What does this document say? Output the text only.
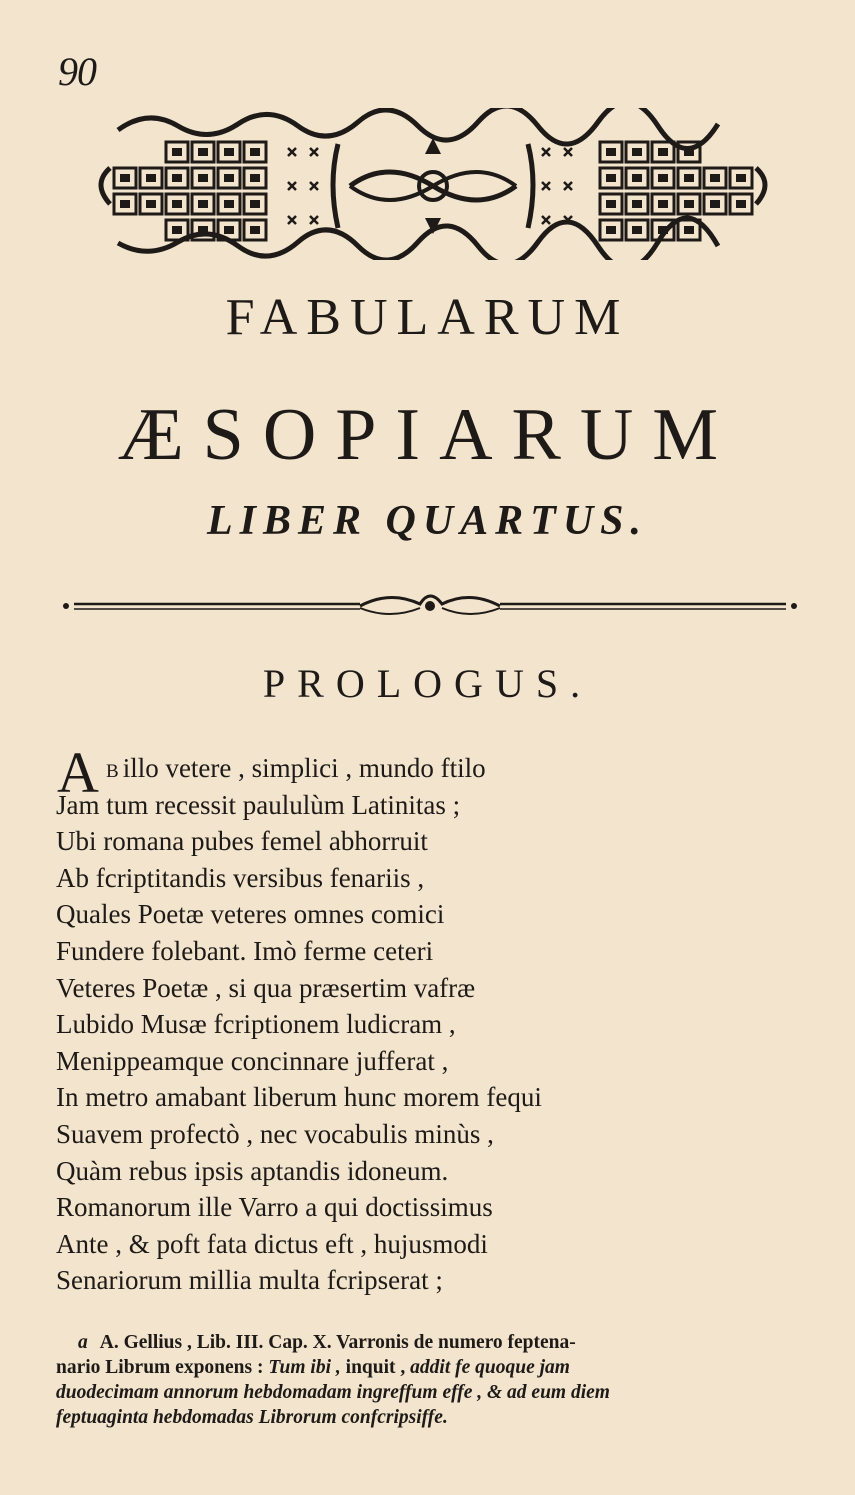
90
FABULARUM
ÆSOPIARUM
LIBER QUARTUS.
PROLOGUS.
A B illo vetere , simplici , mundo ftilo
Jam tum recessit paululùm Latinitas ;
Ubi romana pubes femel abhorruit
Ab fcriptitandis versibus fenariis ,
Quales Poetæ veteres omnes comici
Fundere folebant. Imò ferme ceteri
Veteres Poetæ , si qua præsertim vafræ
Lubido Musæ fcriptionem ludicram ,
Menippeamque concinnare jufferat ,
In metro amabant liberum hunc morem fequi
Suavem profectò , nec vocabulis minùs ,
Quàm rebus ipsis aptandis idoneum.
Romanorum ille Varro a qui doctissimus
Ante , & poft fata dictus eft , hujusmodi
Senariorum millia multa fcripserat ;
a A. Gellius , Lib. III. Cap. X. Varronis de numero feptena-
nario Librum exponens : Tum ibi , inquit , addit fe quoque jam
duodecimam annorum hebdomadam ingreffum effe , & ad eum diem
feptuaginta hebdomadas Librorum confcripsiffe.
